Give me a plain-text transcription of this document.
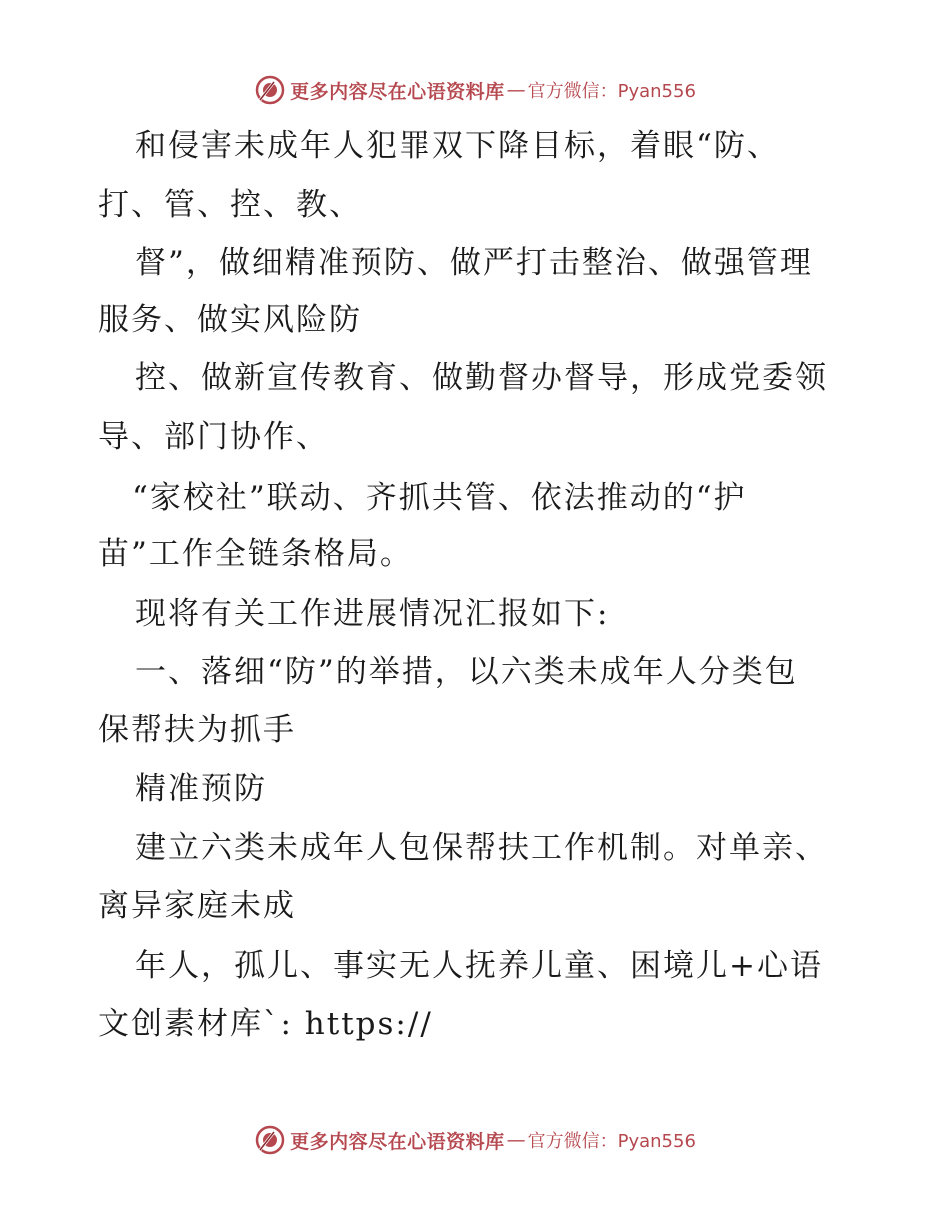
更多内容尽在心语资料库 — 官方微信：Pyan556
和侵害未成年人犯罪双下降目标，着眼“防、
打、管、控、教、
督”，做细精准预防、做严打击整治、做强管理
服务、做实风险防
控、做新宣传教育、做勤督办督导，形成党委领
导、部门协作、
“家校社”联动、齐抓共管、依法推动的“护
苗”工作全链条格局。
现将有关工作进展情况汇报如下:
一、落细“防”的举措，以六类未成年人分类包
保帮扶为抓手
精准预防
建立六类未成年人包保帮扶工作机制。对单亲、
离异家庭未成
年人，孤儿、事实无人抚养儿童、困境儿+心语
文创素材库`: https://
更多内容尽在心语资料库 — 官方微信：Pyan556
